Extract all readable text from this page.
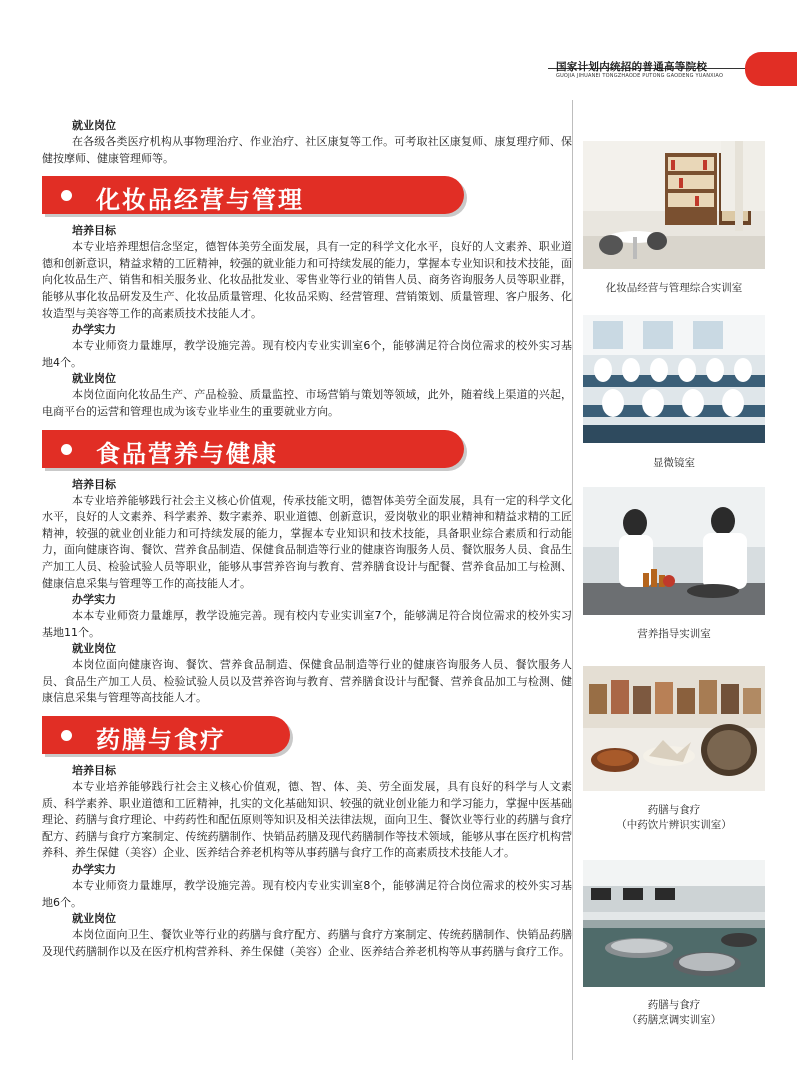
国家计划内统招的普通高等院校
GUOJIA JIHUANEI TONGZHAODE PUTONG GAODENG YUANXIAO
就业岗位

在各级各类医疗机构从事物理治疗、作业治疗、社区康复等工作。可考取社区康复师、康复理疗师、保健按摩师、健康管理师等。

化妆品经营与管理
培养目标

本专业培养理想信念坚定，德智体美劳全面发展，具有一定的科学文化水平，良好的人文素养、职业道德和创新意识，精益求精的工匠精神，较强的就业能力和可持续发展的能力，掌握本专业知识和技术技能，面向化妆品生产、销售和相关服务业、化妆品批发业、零售业等行业的销售人员、商务咨询服务人员等职业群，能够从事化妆品研发及生产、化妆品质量管理、化妆品采购、经营管理、营销策划、质量管理、客户服务、化妆造型与美容等工作的高素质技术技能人才。

办学实力

本专业师资力量雄厚，教学设施完善。现有校内专业实训室6个，能够满足符合岗位需求的校外实习基地4个。

就业岗位

本岗位面向化妆品生产、产品检验、质量监控、市场营销与策划等领域，此外，随着线上渠道的兴起，电商平台的运营和管理也成为该专业毕业生的重要就业方向。

食品营养与健康
培养目标

本专业培养能够践行社会主义核心价值观，传承技能文明，德智体美劳全面发展，具有一定的科学文化水平，良好的人文素养、科学素养、数字素养、职业道德、创新意识，爱岗敬业的职业精神和精益求精的工匠精神，较强的就业创业能力和可持续发展的能力，掌握本专业知识和技术技能，具备职业综合素质和行动能力，面向健康咨询、餐饮、营养食品制造、保健食品制造等行业的健康咨询服务人员、餐饮服务人员、食品生产加工人员、检验试验人员等职业，能够从事营养咨询与教育、营养膳食设计与配餐、营养食品加工与检测、健康信息采集与管理等工作的高技能人才。

办学实力

本本专业师资力量雄厚，教学设施完善。现有校内专业实训室7个，能够满足符合岗位需求的校外实习基地11个。

就业岗位

本岗位面向健康咨询、餐饮、营养食品制造、保健食品制造等行业的健康咨询服务人员、餐饮服务人员、食品生产加工人员、检验试验人员以及营养咨询与教育、营养膳食设计与配餐、营养食品加工与检测、健康信息采集与管理等高技能人才。

药膳与食疗
培养目标

本专业培养能够践行社会主义核心价值观，德、智、体、美、劳全面发展，具有良好的科学与人文素质、科学素养、职业道德和工匠精神，扎实的文化基础知识、较强的就业创业能力和学习能力，掌握中医基础理论、药膳与食疗理论、中药药性和配伍原则等知识及相关法律法规，面向卫生、餐饮业等行业的药膳与食疗配方、药膳与食疗方案制定、传统药膳制作、快销品药膳及现代药膳制作等技术领域，能够从事在医疗机构营养科、养生保健（美容）企业、医养结合养老机构等从事药膳与食疗工作的高素质技术技能人才。

办学实力

本专业师资力量雄厚，教学设施完善。现有校内专业实训室8个，能够满足符合岗位需求的校外实习基地6个。

就业岗位

本岗位面向卫生、餐饮业等行业的药膳与食疗配方、药膳与食疗方案制定、传统药膳制作、快销品药膳及现代药膳制作以及在医疗机构营养科、养生保健（美容）企业、医养结合养老机构等从事药膳与食疗工作。

化妆品经营与管理综合实训室
显微镜室
营养指导实训室
药膳与食疗
（中药饮片辨识实训室）
药膳与食疗
（药膳烹调实训室）
